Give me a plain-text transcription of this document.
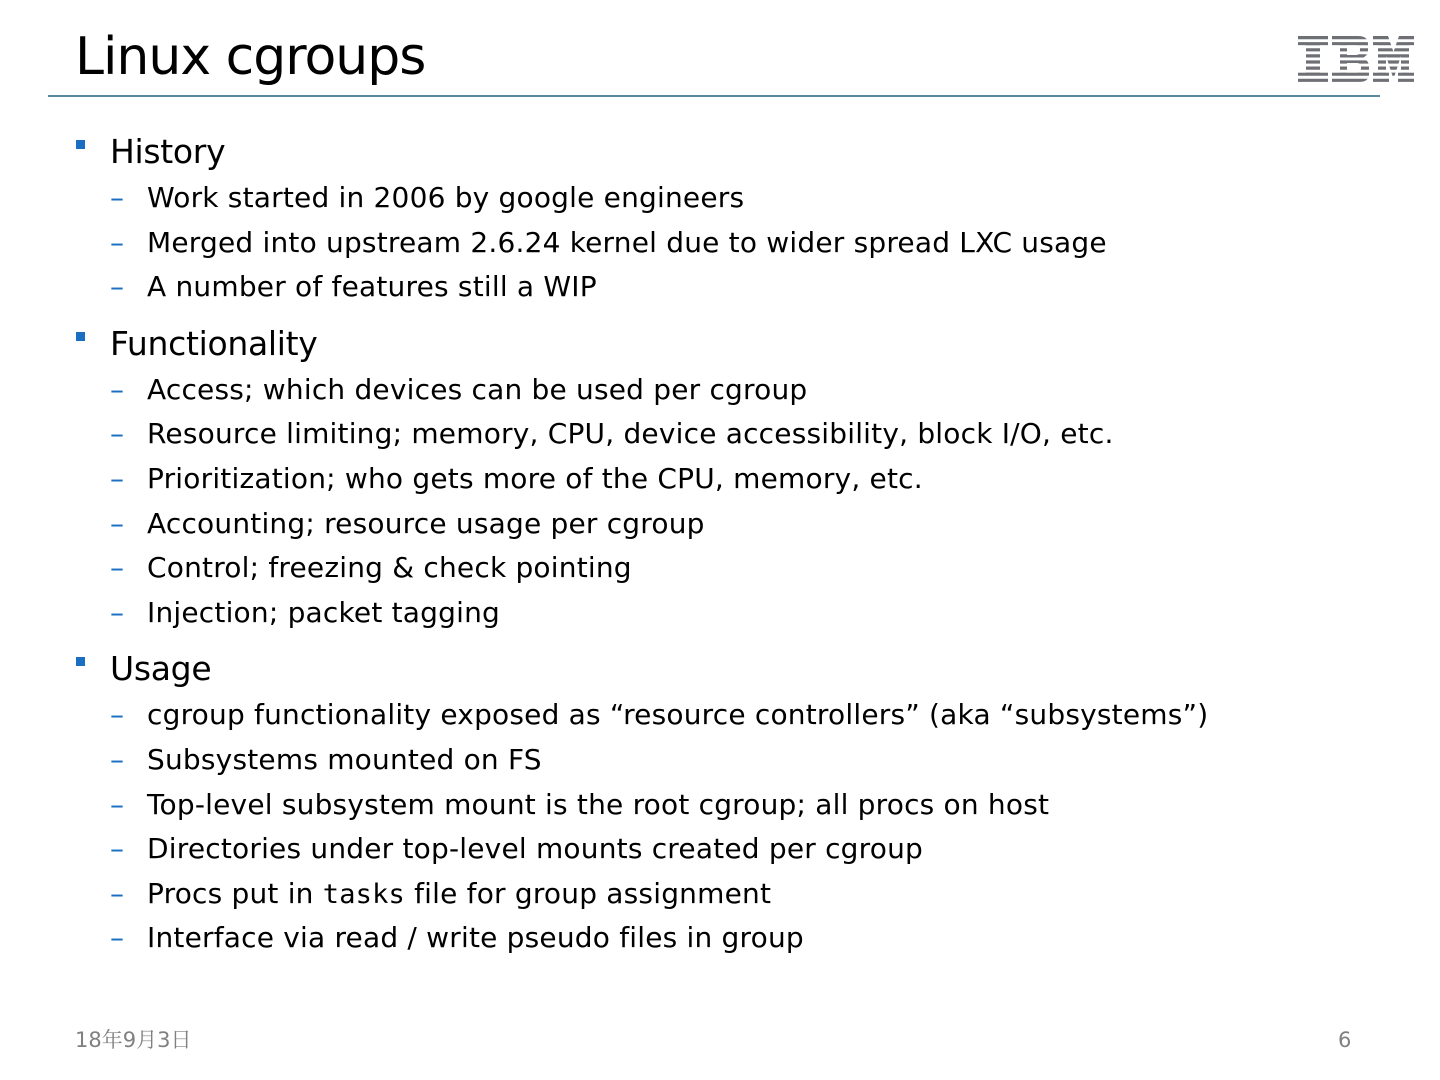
Linux cgroups
History
– Work started in 2006 by google engineers
– Merged into upstream 2.6.24 kernel due to wider spread LXC usage
– A number of features still a WIP
Functionality
– Access; which devices can be used per cgroup
– Resource limiting; memory, CPU, device accessibility, block I/O, etc.
– Prioritization; who gets more of the CPU, memory, etc.
– Accounting; resource usage per cgroup
– Control; freezing & check pointing
– Injection; packet tagging
Usage
– cgroup functionality exposed as “resource controllers” (aka “subsystems”)
– Subsystems mounted on FS
– Top-level subsystem mount is the root cgroup; all procs on host
– Directories under top-level mounts created per cgroup
– Procs put in tasks file for group assignment
– Interface via read / write pseudo files in group
18年9月3日	6
